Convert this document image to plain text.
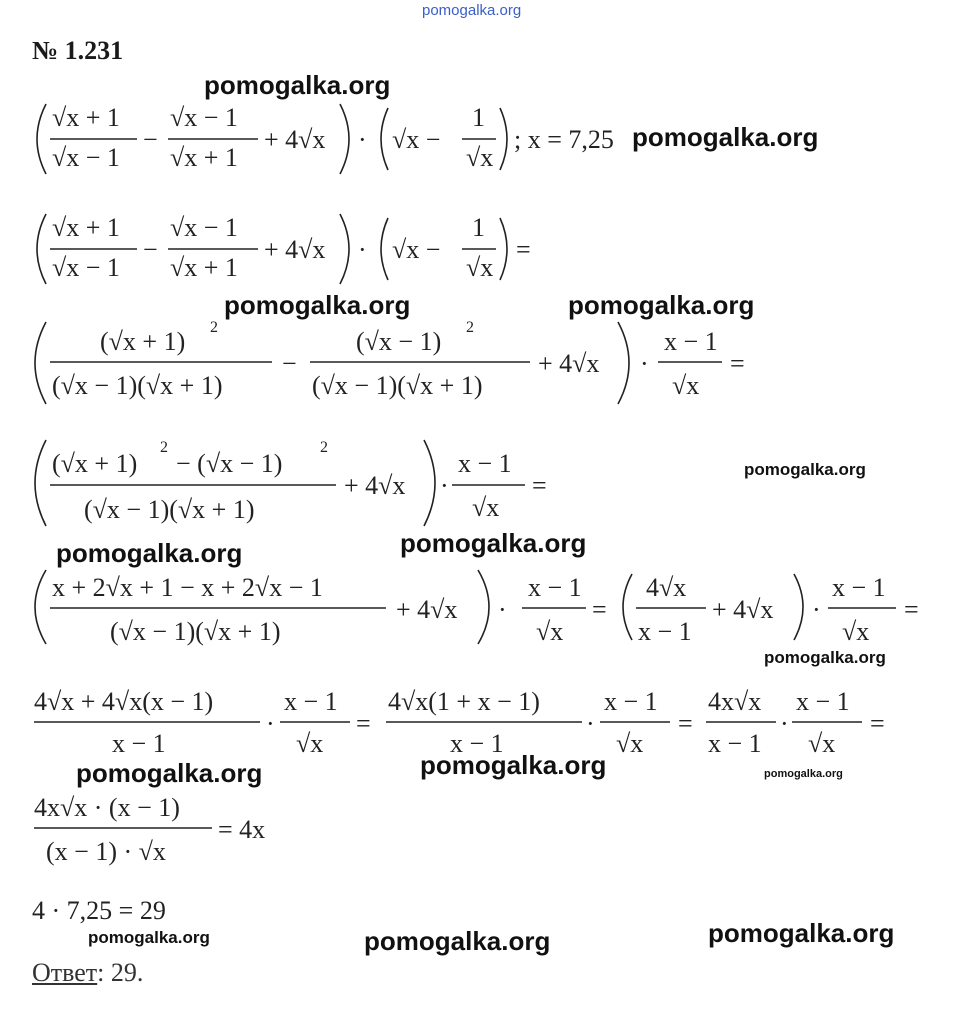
pomogalka.org
№ 1.231
√x + 1
√x − 1
−
√x − 1
√x + 1
+ 4√x · √x −
1
√x
; x = 7,25
√x + 1
√x − 1
−
√x − 1
√x + 1
+ 4√x · √x −
1
√x
=
(√x + 1) 2
(√x − 1)(√x + 1)
−
(√x − 1) 2
(√x − 1)(√x + 1)
+ 4√x ·
x − 1
√x
=
(√x + 1)
2
− (√x − 1)
2
(√x − 1)(√x + 1)
+ 4√x ·
x − 1
√x
=
x + 2√x + 1 − x + 2√x − 1
(√x − 1)(√x + 1)
+ 4√x ·
x − 1
√x
=
4√x
x − 1
+ 4√x ·
x − 1
√x
=
4√x + 4√x(x − 1)
x − 1
·
x − 1
√x
=
4√x(1 + x − 1)
x − 1
·
x − 1
√x
=
4x√x
x − 1
·
x − 1
√x
=
4x√x · (x − 1)
(x − 1) · √x
= 4x
4 · 7,25 = 29
Ответ: 29.
pomogalka.org
pomogalka.org
pomogalka.org	pomogalka.org
pomogalka.org
pomogalka.org	pomogalka.org
pomogalka.org
pomogalka.org	pomogalka.org	pomogalka.org
pomogalka.org	pomogalka.org	pomogalka.org
